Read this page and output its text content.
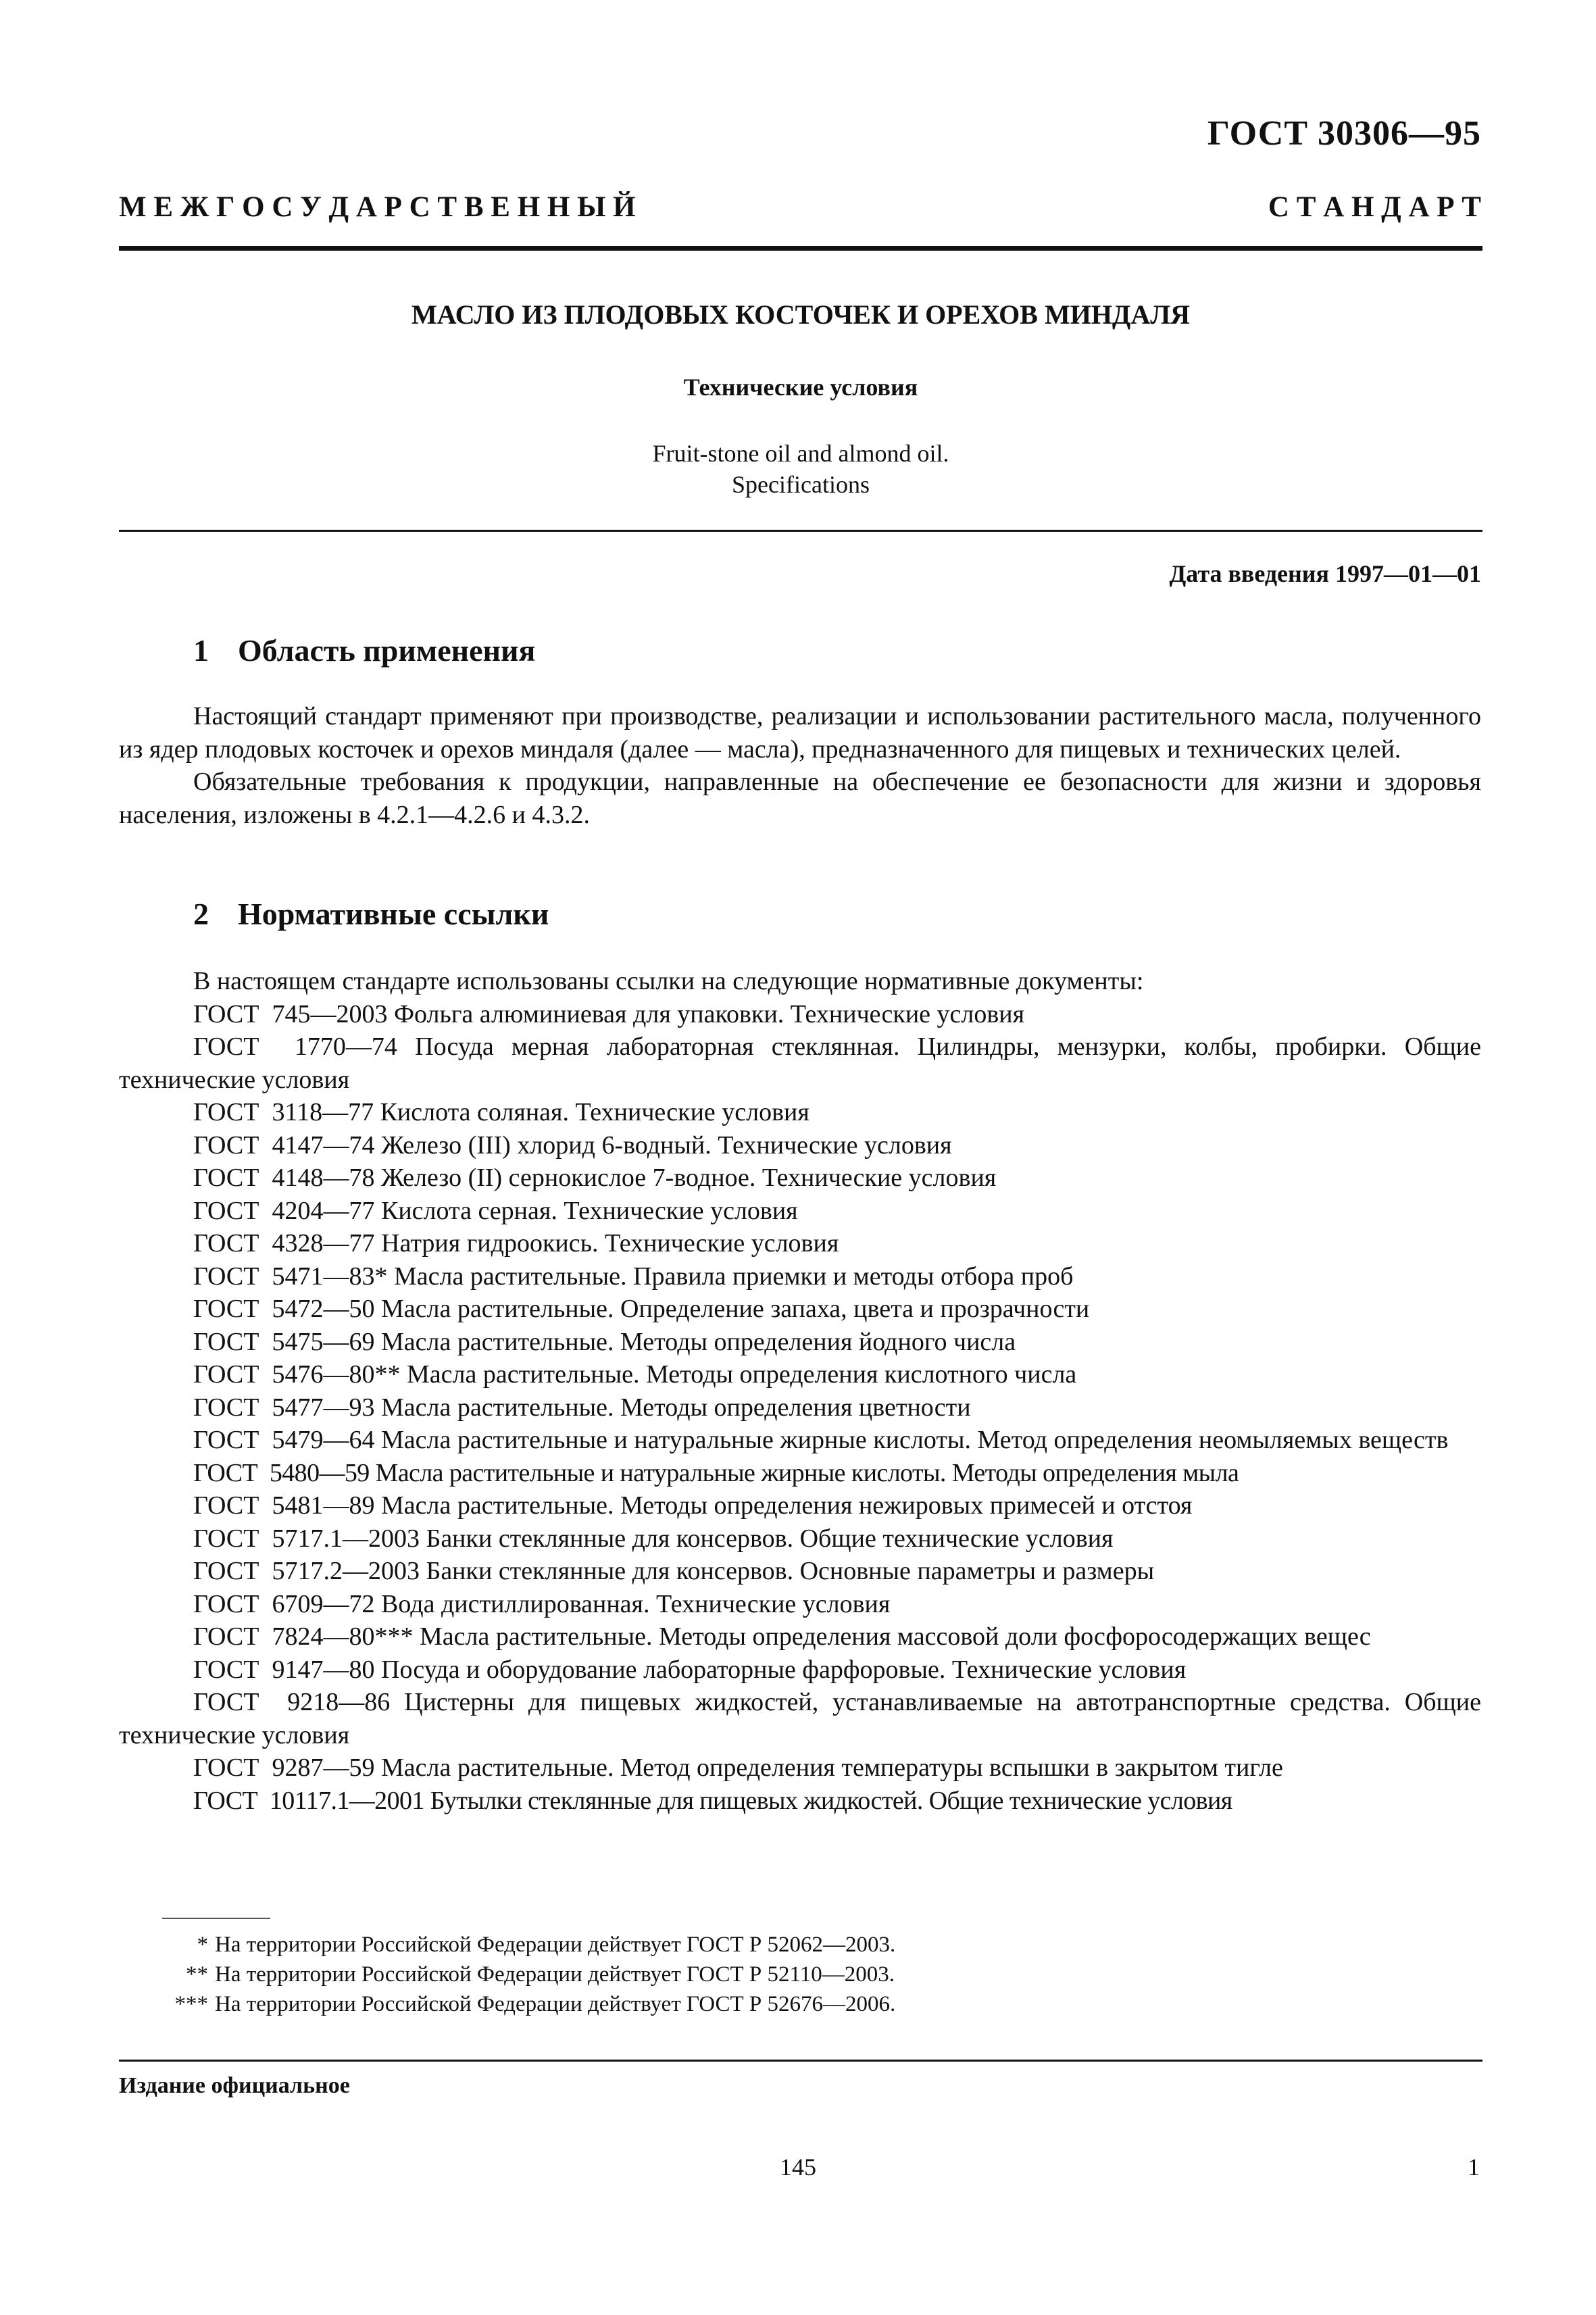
ГОСТ 30306—95
М Е Ж Г О С У Д А Р С Т В Е Н Н Ы Й	С Т А Н Д А Р Т
МАСЛО ИЗ ПЛОДОВЫХ КОСТОЧЕК И ОРЕХОВ МИНДАЛЯ
Технические условия
Fruit-stone oil and almond oil.
Specifications
Дата введения 1997—01—01
1 Область применения

Настоящий стандарт применяют при производстве, реализации и использовании растительного масла, полученного из ядер плодовых косточек и орехов миндаля (далее — масла), предназначенного для пищевых и технических целей.

Обязательные требования к продукции, направленные на обеспечение ее безопасности для жизни и здоровья населения, изложены в 4.2.1—4.2.6 и 4.3.2.

2 Нормативные ссылки

В настоящем стандарте использованы ссылки на следующие нормативные документы:

ГОСТ  745—2003 Фольга алюминиевая для упаковки. Технические условия

ГОСТ  1770—74 Посуда мерная лабораторная стеклянная. Цилиндры, мензурки, колбы, пробирки. Общие технические условия

ГОСТ  3118—77 Кислота соляная. Технические условия

ГОСТ  4147—74 Железо (III) хлорид 6-водный. Технические условия

ГОСТ  4148—78 Железо (II) сернокислое 7-водное. Технические условия

ГОСТ  4204—77 Кислота серная. Технические условия

ГОСТ  4328—77 Натрия гидроокись. Технические условия

ГОСТ  5471—83* Масла растительные. Правила приемки и методы отбора проб

ГОСТ  5472—50 Масла растительные. Определение запаха, цвета и прозрачности

ГОСТ  5475—69 Масла растительные. Методы определения йодного числа

ГОСТ  5476—80** Масла растительные. Методы определения кислотного числа

ГОСТ  5477—93 Масла растительные. Методы определения цветности

ГОСТ  5479—64 Масла растительные и натуральные жирные кислоты. Метод определения неомыляемых веществ

ГОСТ  5480—59 Масла растительные и натуральные жирные кислоты. Методы определения мыла

ГОСТ  5481—89 Масла растительные. Методы определения нежировых примесей и отстоя

ГОСТ  5717.1—2003 Банки стеклянные для консервов. Общие технические условия

ГОСТ  5717.2—2003 Банки стеклянные для консервов. Основные параметры и размеры

ГОСТ  6709—72 Вода дистиллированная. Технические условия

ГОСТ  7824—80*** Масла растительные. Методы определения массовой доли фосфоросодержащих вещес

ГОСТ  9147—80 Посуда и оборудование лабораторные фарфоровые. Технические условия

ГОСТ  9218—86 Цистерны для пищевых жидкостей, устанавливаемые на автотранспортные средства. Общие технические условия

ГОСТ  9287—59 Масла растительные. Метод определения температуры вспышки в закрытом тигле

ГОСТ  10117.1—2001 Бутылки стеклянные для пищевых жидкостей. Общие технические условия

* На территории Российской Федерации действует ГОСТ Р 52062—2003.

** На территории Российской Федерации действует ГОСТ Р 52110—2003.

*** На территории Российской Федерации действует ГОСТ Р 52676—2006.

Издание официальное
145	1
